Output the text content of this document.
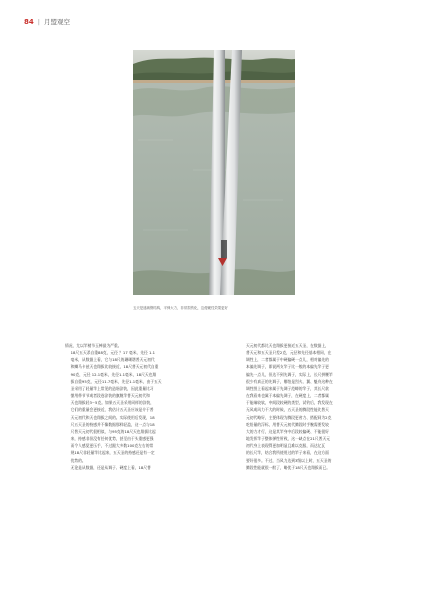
84 | 月盟观空
五天是递减钢结构，平弹大力，非常损伤化，这便硬性效果更好

情况，尤以竿梢节玉棒最为严重。

18尺五天杀自重88克，元径 ？17 毫米，先径 1.1
毫米，从数据上看，它与18尺的珊瑚谱普天元初代
和鲫马卡兹天也翔拔比较接近，18尺普天元初代自重
90克，元径 12.1毫米，先径1.1毫米，18尺天也翔
拔自重95克，元径11.7毫米，先径1.1毫米，由于五天
圣采用了轻量竿上常见的造诣涂装，因此重量比习
惯用带节节或者段卷涂装的旗舰竿普天元初代和
天也翔拔轻3~5克。如果五天圣采用同样的涂装，
它们的重量会更接近，我估计五天圣应该是介于普
天元初代和天也翔拔之间的。实际使用后发现，18
尺五天圣的持感并不像数据那样轻盈，这一点与18
尺普天元初代很相似，与95克的18尺天也翔拔比起
来，持感非但没有任何优势，甚至由于头重感更强
而令人感觉更压手，不过跟大多数100克左右的常
规18尺非轻量竿比起来，五天圣的持感还是有一定
优势的。

无论是从数据，还是从调子、硬度上看，18尺普

天元初代都比天也翔拔更接近五天圣，在数据上，
普天元和五天圣只差2克，元径和先径基本相同，在
调性上，二者都属于中硬偏硬一点儿，相对偏先的
本偏先调子，即说两支竿子比一般的本偏先竿子更
偏先一点儿，但达不到先调子，实际上，长尺拼腰竿
很少有真正的先调子，哪怕是烈火、翼、魁舟这种在
调性图上看起来属于先调子范畴的竿子，其长尺款
在我看来也属于本偏先调子，在硬度上，二者都属
于能端较软，中间段较硬的类型，试钓后，我发现在
无风或风力不大的时候，五天圣的腾段性能比普天
元初代略好，主要体现为腾段更省力、搭配同为2克
吃铅量的浮标，用普天元初代腾段时手腕需要发较
大的力才行，这是其竿身中后段较偏硬、不能很好
地发挥竿子整体弹性所致，这一缺点在21尺普天元
初代身上表现得更加明显且难以克服，而达亿瓦
的长尺竿，结合我所使用过的竿子来看，在这方面
要好很多。不过，当风力达到3级以上时，五天圣的
腾段性能就很一般了，略优于18尺天也翔拔而已。
